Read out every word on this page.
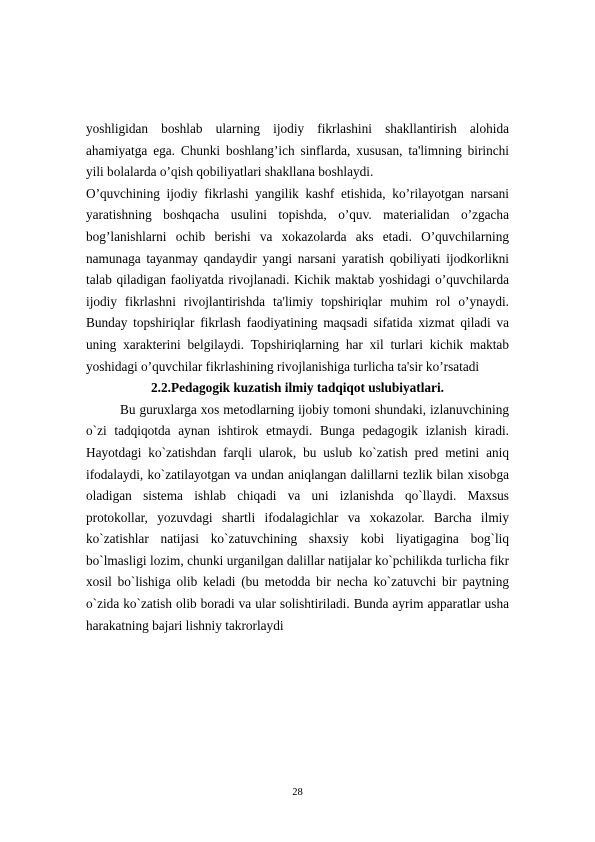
yoshligidan boshlab ularning ijodiy fikrlashini shakllantirish alohida ahamiyatga ega. Chunki boshlang’ich sinflarda, xususan, ta'limning birinchi yili bolalarda o’qish qobiliyatlari shakllana boshlaydi.

O’quvchining ijodiy fikrlashi yangilik kashf etishida, ko’rilayotgan narsani yaratishning boshqacha usulini topishda, o’quv. materialidan o’zgacha bog’lanishlarni ochib berishi va xokazolarda aks etadi. O’quvchilarning namunaga tayanmay qandaydir yangi narsani yaratish qobiliyati ijodkorlikni talab qiladigan faoliyatda rivojlanadi. Kichik maktab yoshidagi o’quvchilarda ijodiy fikrlashni rivojlantirishda ta'limiy topshiriqlar muhim rol o’ynaydi. Bunday topshiriqlar fikrlash faodiyatining maqsadi sifatida xizmat qiladi va uning xarakterini belgilaydi. Topshiriqlarning har xil turlari kichik maktab yoshidagi o’quvchilar fikrlashining rivojlanishiga turlicha ta'sir ko’rsatadi

2.2.Pedagogik kuzatish ilmiy tadqiqot uslubiyatlari.

Bu guruxlarga xos metodlarning ijobiy tomoni shundaki, izlanuvchining o`zi tadqiqotda aynan ishtirok etmaydi. Bunga pedagogik izlanish kiradi. Hayotdagi ko`zatishdan farqli ularok, bu uslub ko`zatish pred metini aniq ifodalaydi, ko`zatilayotgan va undan aniqlangan dalillarni tezlik bilan xisobga oladigan sistema ishlab chiqadi va uni izlanishda qo`llaydi. Maxsus protokollar, yozuvdagi shartli ifodalagichlar va xokazolar. Barcha ilmiy ko`zatishlar natijasi ko`zatuvchining shaxsiy kobi liyatigagina bog`liq bo`lmasligi lozim, chunki urganilgan dalillar natijalar ko`pchilikda turlicha fikr xosil bo`lishiga olib keladi (bu metodda bir necha ko`zatuvchi bir paytning o`zida ko`zatish olib boradi va ular solishtiriladi. Bunda ayrim apparatlar usha harakatning bajari lishniy takrorlaydi

28
